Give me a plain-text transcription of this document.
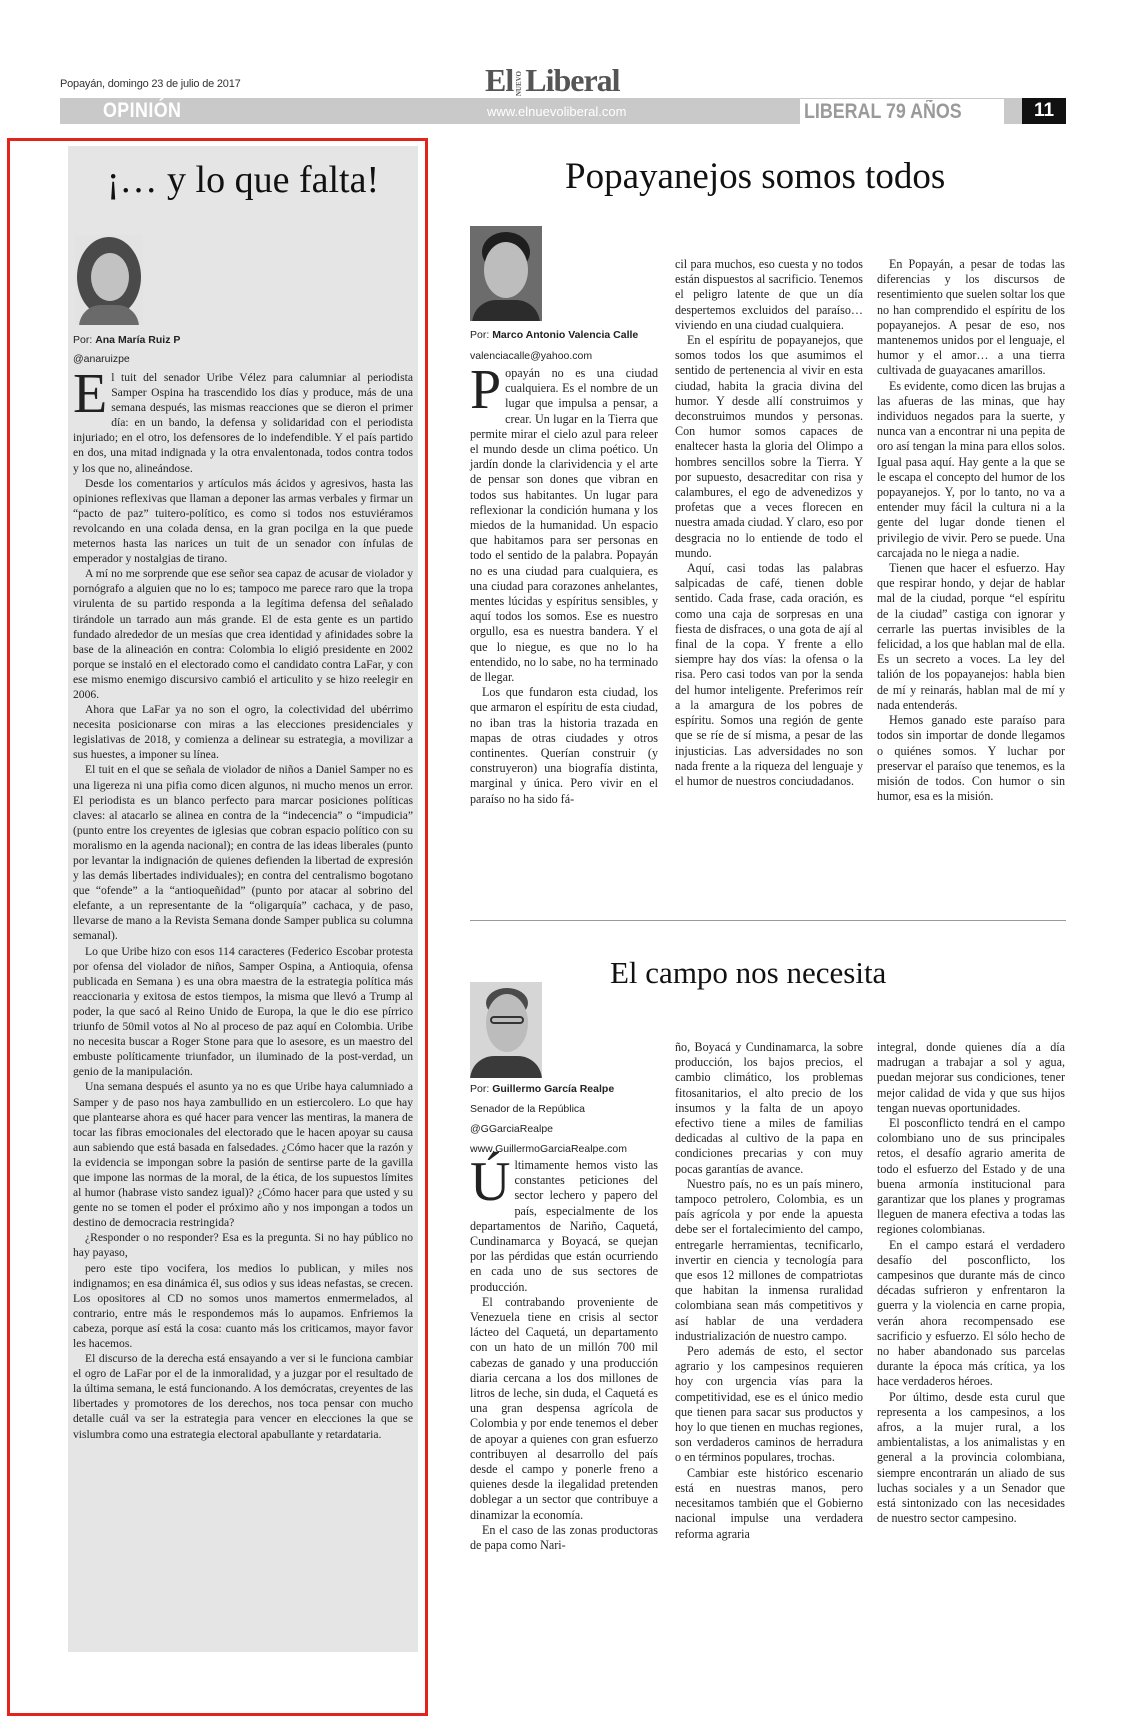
Popayán, domingo 23 de julio de 2017	El NUEVOLiberal
OPINIÓN	www.elnuevoliberal.com	LIBERAL 79 AÑOS	11
¡… y lo que falta!
Por: Ana María Ruiz P
@anaruizpe

El tuit del senador Uribe Vélez para calumniar al periodista Samper Ospina ha trascendido los días y produce, más de una semana después, las mismas reacciones que se dieron el primer día: en un bando, la defensa y solidaridad con el periodista injuriado; en el otro, los defensores de lo indefendible. Y el país partido en dos, una mitad indignada y la otra envalentonada, todos contra todos y los que no, alineándose.

Desde los comentarios y artículos más ácidos y agresivos, hasta las opiniones reflexivas que llaman a deponer las armas verbales y firmar un “pacto de paz” tuitero-político, es como si todos nos estuviéramos revolcando en una colada densa, en la gran pocilga en la que puede meternos hasta las narices un tuit de un senador con ínfulas de emperador y nostalgias de tirano.

A mí no me sorprende que ese señor sea capaz de acusar de violador y pornógrafo a alguien que no lo es; tampoco me parece raro que la tropa virulenta de su partido responda a la legítima defensa del señalado tirándole un tarrado aun más grande. El de esta gente es un partido fundado alrededor de un mesías que crea identidad y afinidades sobre la base de la alineación en contra: Colombia lo eligió presidente en 2002 porque se instaló en el electorado como el candidato contra LaFar, y con ese mismo enemigo discursivo cambió el articulito y se hizo reelegir en 2006.

Ahora que LaFar ya no son el ogro, la colectividad del ubérrimo necesita posicionarse con miras a las elecciones presidenciales y legislativas de 2018, y comienza a delinear su estrategia, a movilizar a sus huestes, a imponer su línea.

El tuit en el que se señala de violador de niños a Daniel Samper no es una ligereza ni una pifia como dicen algunos, ni mucho menos un error. El periodista es un blanco perfecto para marcar posiciones políticas claves: al atacarlo se alinea en contra de la “indecencia” o “impudicia” (punto entre los creyentes de iglesias que cobran espacio político con su moralismo en la agenda nacional); en contra de las ideas liberales (punto por levantar la indignación de quienes defienden la libertad de expresión y las demás libertades individuales); en contra del centralismo bogotano que “ofende” a la “antioqueñidad” (punto por atacar al sobrino del elefante, a un representante de la “oligarquía” cachaca, y de paso, llevarse de mano a la Revista Semana donde Samper publica su columna semanal).

Lo que Uribe hizo con esos 114 caracteres (Federico Escobar protesta por ofensa del violador de niños, Samper Ospina, a Antioquia, ofensa publicada en Semana ) es una obra maestra de la estrategia política más reaccionaria y exitosa de estos tiempos, la misma que llevó a Trump al poder, la que sacó al Reino Unido de Europa, la que le dio ese pírrico triunfo de 50mil votos al No al proceso de paz aquí en Colombia. Uribe no necesita buscar a Roger Stone para que lo asesore, es un maestro del embuste políticamente triunfador, un iluminado de la post-verdad, un genio de la manipulación.

Una semana después el asunto ya no es que Uribe haya calumniado a Samper y de paso nos haya zambullido en un estiercolero. Lo que hay que plantearse ahora es qué hacer para vencer las mentiras, la manera de tocar las fibras emocionales del electorado que le hacen apoyar su causa aun sabiendo que está basada en falsedades. ¿Cómo hacer que la razón y la evidencia se impongan sobre la pasión de sentirse parte de la gavilla que impone las normas de la moral, de la ética, de los supuestos límites al humor (habrase visto sandez igual)? ¿Cómo hacer para que usted y su gente no se tomen el poder el próximo año y nos impongan a todos un destino de democracia restringida?

¿Responder o no responder? Esa es la pregunta. Si no hay público no hay payaso,

pero este tipo vocifera, los medios lo publican, y miles nos indignamos; en esa dinámica él, sus odios y sus ideas nefastas, se crecen. Los opositores al CD no somos unos mamertos enmermelados, al contrario, entre más le respondemos más lo aupamos. Enfriemos la cabeza, porque así está la cosa: cuanto más los criticamos, mayor favor les hacemos.

El discurso de la derecha está ensayando a ver si le funciona cambiar el ogro de LaFar por el de la inmoralidad, y a juzgar por el resultado de la última semana, le está funcionando. A los demócratas, creyentes de las libertades y promotores de los derechos, nos toca pensar con mucho detalle cuál va ser la estrategia para vencer en elecciones la que se vislumbra como una estrategia electoral apabullante y retardataria.

Popayanejos somos todos
Por: Marco Antonio Valencia Calle
valenciacalle@yahoo.com

Popayán no es una ciudad cualquiera. Es el nombre de un lugar que impulsa a pensar, a crear. Un lugar en la Tierra que permite mirar el cielo azul para releer el mundo desde un clima poético. Un jardín donde la clarividencia y el arte de pensar son dones que vibran en todos sus habitantes. Un lugar para reflexionar la condición humana y los miedos de la humanidad. Un espacio que habitamos para ser personas en todo el sentido de la palabra. Popayán no es una ciudad para cualquiera, es una ciudad para corazones anhelantes, mentes lúcidas y espíritus sensibles, y aquí todos los somos. Ese es nuestro orgullo, esa es nuestra bandera. Y el que lo niegue, es que no lo ha entendido, no lo sabe, no ha terminado de llegar.

Los que fundaron esta ciudad, los que armaron el espíritu de esta ciudad, no iban tras la historia trazada en mapas de otras ciudades y otros continentes. Querían construir (y construyeron) una biografía distinta, marginal y única. Pero vivir en el paraíso no ha sido fá-

cil para muchos, eso cuesta y no todos están dispuestos al sacrificio. Tenemos el peligro latente de que un día despertemos excluidos del paraíso… viviendo en una ciudad cualquiera.

En el espíritu de popayanejos, que somos todos los que asumimos el sentido de pertenencia al vivir en esta ciudad, habita la gracia divina del humor. Y desde allí construimos y deconstruimos mundos y personas. Con humor somos capaces de enaltecer hasta la gloria del Olimpo a hombres sencillos sobre la Tierra. Y por supuesto, desacreditar con risa y calambures, el ego de advenedizos y profetas que a veces florecen en nuestra amada ciudad. Y claro, eso por desgracia no lo entiende de todo el mundo.

Aquí, casi todas las palabras salpicadas de café, tienen doble sentido. Cada frase, cada oración, es como una caja de sorpresas en una fiesta de disfraces, o una gota de ají al final de la copa. Y frente a ello siempre hay dos vías: la ofensa o la risa. Pero casi todos van por la senda del humor inteligente. Preferimos reír a la amargura de los pobres de espíritu. Somos una región de gente que se ríe de sí misma, a pesar de las injusticias. Las adversidades no son nada frente a la riqueza del lenguaje y el humor de nuestros conciudadanos.

En Popayán, a pesar de todas las diferencias y los discursos de resentimiento que suelen soltar los que no han comprendido el espíritu de los popayanejos. A pesar de eso, nos mantenemos unidos por el lenguaje, el humor y el amor… a una tierra cultivada de guayacanes amarillos.

Es evidente, como dicen las brujas a las afueras de las minas, que hay individuos negados para la suerte, y nunca van a encontrar ni una pepita de oro así tengan la mina para ellos solos. Igual pasa aquí. Hay gente a la que se le escapa el concepto del humor de los popayanejos. Y, por lo tanto, no va a entender muy fácil la cultura ni a la gente del lugar donde tienen el privilegio de vivir. Pero se puede. Una carcajada no le niega a nadie.

Tienen que hacer el esfuerzo. Hay que respirar hondo, y dejar de hablar mal de la ciudad, porque “el espíritu de la ciudad” castiga con ignorar y cerrarle las puertas invisibles de la felicidad, a los que hablan mal de ella. Es un secreto a voces. La ley del talión de los popayanejos: habla bien de mí y reinarás, hablan mal de mí y nada entenderás.

Hemos ganado este paraíso para todos sin importar de donde llegamos o quiénes somos. Y luchar por preservar el paraíso que tenemos, es la misión de todos. Con humor o sin humor, esa es la misión.

El campo nos necesita
Por: Guillermo García Realpe
Senador de la República
@GGarciaRealpe
www.GuillermoGarciaRealpe.com

Últimamente hemos visto las constantes peticiones del sector lechero y papero del país, especialmente de los departamentos de Nariño, Caquetá, Cundinamarca y Boyacá, se quejan por las pérdidas que están ocurriendo en cada uno de sus sectores de producción.

El contrabando proveniente de Venezuela tiene en crisis al sector lácteo del Caquetá, un departamento con un hato de un millón 700 mil cabezas de ganado y una producción diaria cercana a los dos millones de litros de leche, sin duda, el Caquetá es una gran despensa agrícola de Colombia y por ende tenemos el deber de apoyar a quienes con gran esfuerzo contribuyen al desarrollo del país desde el campo y ponerle freno a quienes desde la ilegalidad pretenden doblegar a un sector que contribuye a dinamizar la economía.

En el caso de las zonas productoras de papa como Nari-

ño, Boyacá y Cundinamarca, la sobre producción, los bajos precios, el cambio climático, los problemas fitosanitarios, el alto precio de los insumos y la falta de un apoyo efectivo tiene a miles de familias dedicadas al cultivo de la papa en condiciones precarias y con muy pocas garantías de avance.

Nuestro país, no es un país minero, tampoco petrolero, Colombia, es un país agrícola y por ende la apuesta debe ser el fortalecimiento del campo, entregarle herramientas, tecnificarlo, invertir en ciencia y tecnología para que esos 12 millones de compatriotas que habitan la inmensa ruralidad colombiana sean más competitivos y así hablar de una verdadera industrialización de nuestro campo.

Pero además de esto, el sector agrario y los campesinos requieren hoy con urgencia vías para la competitividad, ese es el único medio que tienen para sacar sus productos y hoy lo que tienen en muchas regiones, son verdaderos caminos de herradura o en términos populares, trochas.

Cambiar este histórico escenario está en nuestras manos, pero necesitamos también que el Gobierno nacional impulse una verdadera reforma agraria

integral, donde quienes día a día madrugan a trabajar a sol y agua, puedan mejorar sus condiciones, tener mejor calidad de vida y que sus hijos tengan nuevas oportunidades.

El posconflicto tendrá en el campo colombiano uno de sus principales retos, el desafío agrario amerita de todo el esfuerzo del Estado y de una buena armonía institucional para garantizar que los planes y programas lleguen de manera efectiva a todas las regiones colombianas.

En el campo estará el verdadero desafío del posconflicto, los campesinos que durante más de cinco décadas sufrieron y enfrentaron la guerra y la violencia en carne propia, verán ahora recompensado ese sacrificio y esfuerzo. El sólo hecho de no haber abandonado sus parcelas durante la época más crítica, ya los hace verdaderos héroes.

Por último, desde esta curul que representa a los campesinos, a los afros, a la mujer rural, a los ambientalistas, a los animalistas y en general a la provincia colombiana, siempre encontrarán un aliado de sus luchas sociales y a un Senador que está sintonizado con las necesidades de nuestro sector campesino.
